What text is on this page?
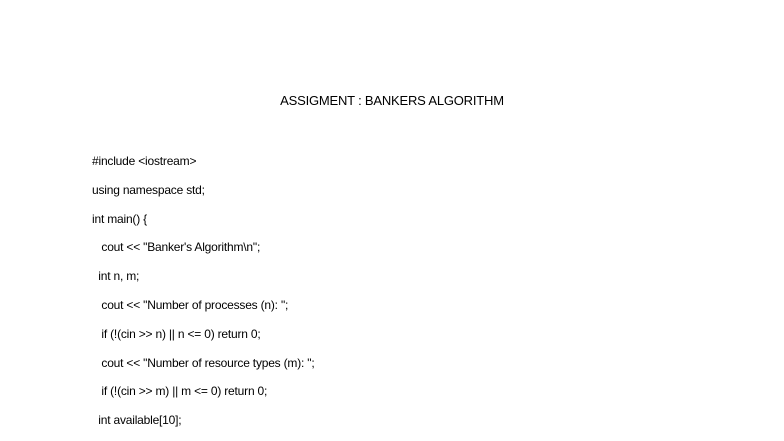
ASSIGMENT : BANKERS ALGORITHM
#include <iostream>
using namespace std;
int main() {
cout << "Banker's Algorithm\n";
int n, m;
cout << "Number of processes (n): ";
if (!(cin >> n) || n <= 0) return 0;
cout << "Number of resource types (m): ";
if (!(cin >> m) || m <= 0) return 0;
int available[10];
